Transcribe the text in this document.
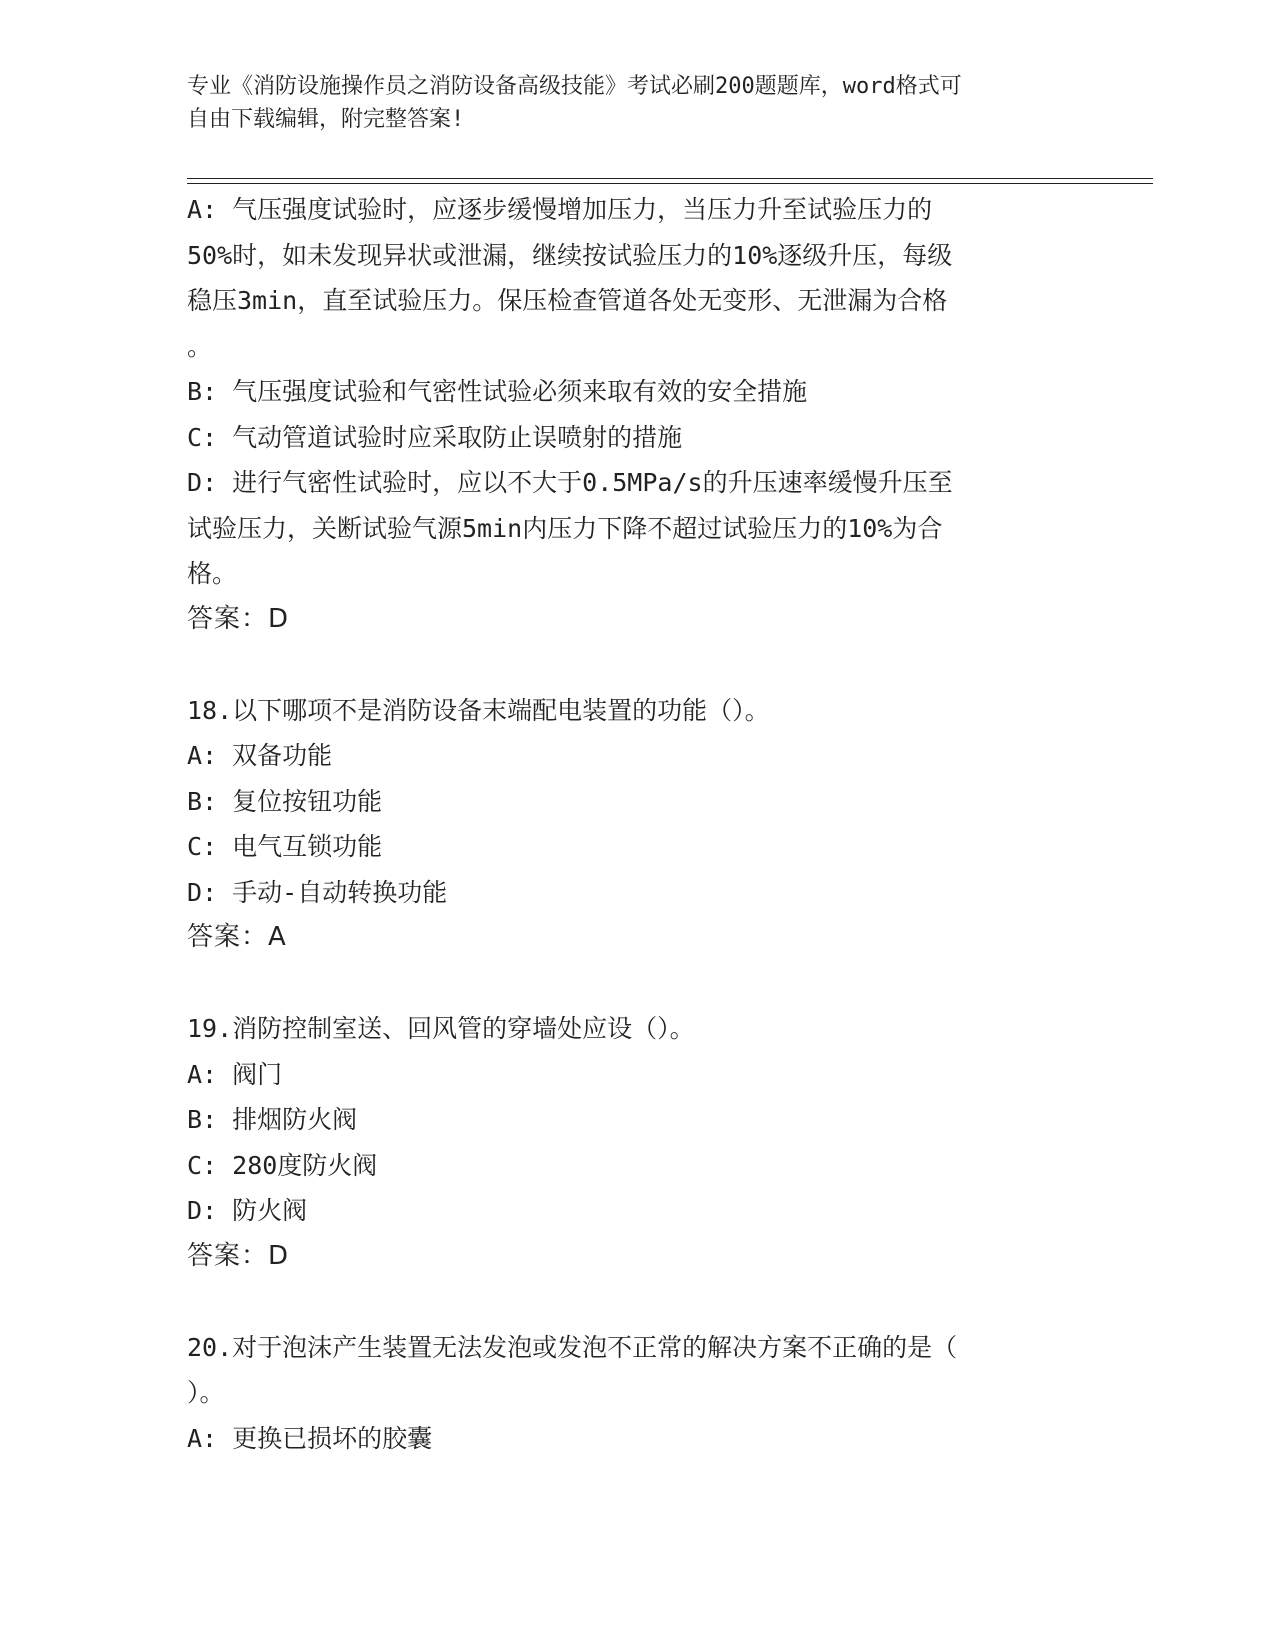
专业《消防设施操作员之消防设备高级技能》考试必刷200题题库，word格式可
自由下载编辑，附完整答案!
A: 气压强度试验时，应逐步缓慢增加压力，当压力升至试验压力的
50%时，如未发现异状或泄漏，继续按试验压力的10%逐级升压，每级
稳压3min，直至试验压力。保压检查管道各处无变形、无泄漏为合格
。
B: 气压强度试验和气密性试验必须来取有效的安全措施
C: 气动管道试验时应采取防止误喷射的措施
D: 进行气密性试验时，应以不大于0.5MPa/s的升压速率缓慢升压至
试验压力，关断试验气源5min内压力下降不超过试验压力的10%为合
格。
答案：D
18.以下哪项不是消防设备末端配电装置的功能（）。
A: 双备功能
B: 复位按钮功能
C: 电气互锁功能
D: 手动-自动转换功能
答案：A
19.消防控制室送、回风管的穿墙处应设（）。
A: 阀门
B: 排烟防火阀
C: 280度防火阀
D: 防火阀
答案：D
20.对于泡沫产生装置无法发泡或发泡不正常的解决方案不正确的是（
）。
A: 更换已损坏的胶囊
